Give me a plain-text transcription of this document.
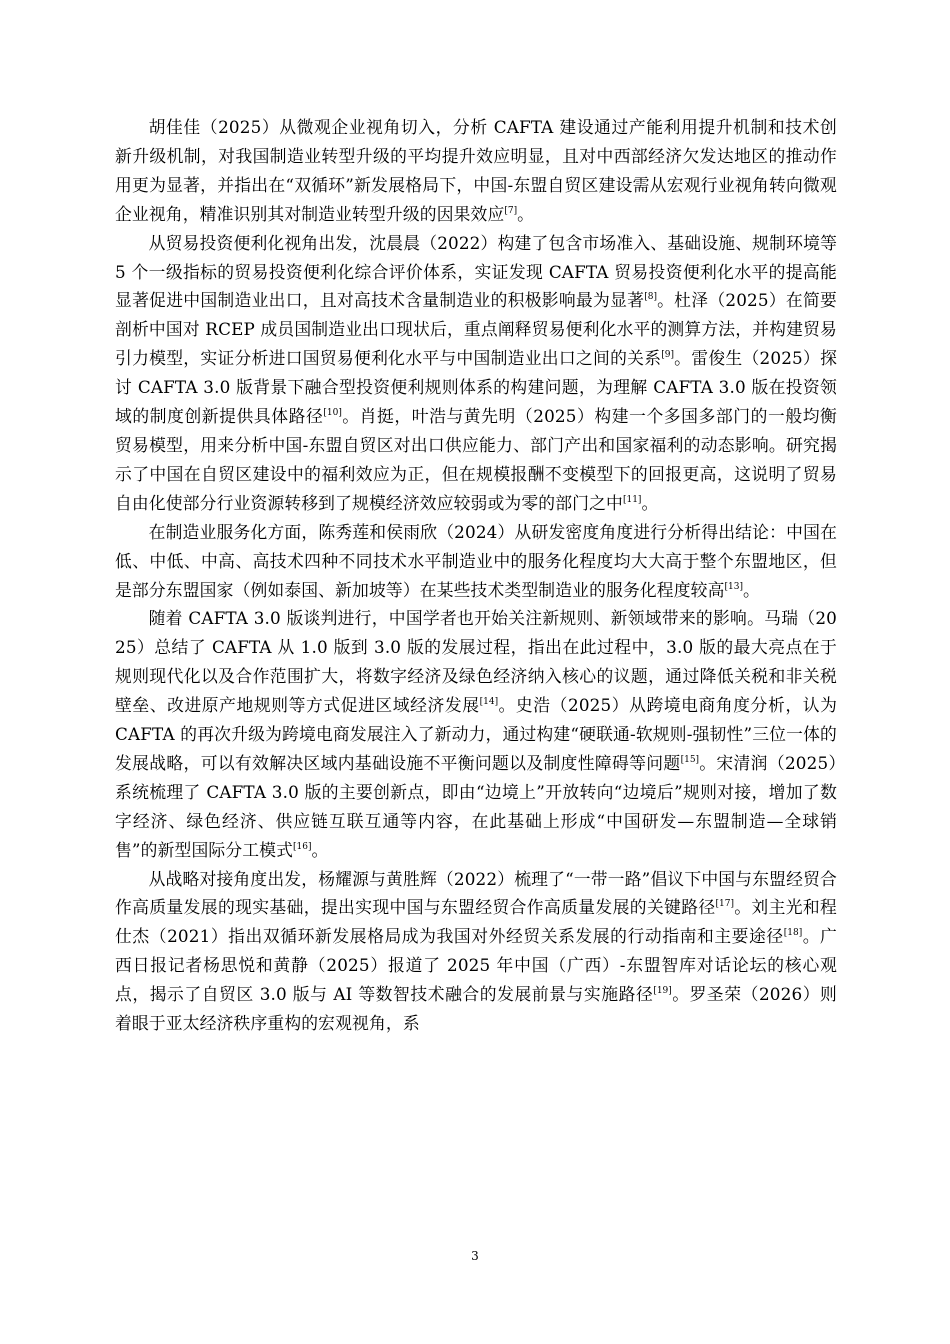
胡佳佳（2025）从微观企业视角切入，分析 CAFTA 建设通过产能利用提升机制和技术创新升级机制，对我国制造业转型升级的平均提升效应明显，且对中西部经济欠发达地区的推动作用更为显著，并指出在“双循环”新发展格局下，中国-东盟自贸区建设需从宏观行业视角转向微观企业视角，精准识别其对制造业转型升级的因果效应[7]。

从贸易投资便利化视角出发，沈晨晨（2022）构建了包含市场准入、基础设施、规制环境等 5 个一级指标的贸易投资便利化综合评价体系，实证发现 CAFTA 贸易投资便利化水平的提高能显著促进中国制造业出口，且对高技术含量制造业的积极影响最为显著[8]。杜泽（2025）在简要剖析中国对 RCEP 成员国制造业出口现状后，重点阐释贸易便利化水平的测算方法，并构建贸易引力模型，实证分析进口国贸易便利化水平与中国制造业出口之间的关系[9]。雷俊生（2025）探讨 CAFTA 3.0 版背景下融合型投资便利规则体系的构建问题，为理解 CAFTA 3.0 版在投资领域的制度创新提供具体路径[10]。肖挺，叶浩与黄先明（2025）构建一个多国多部门的一般均衡贸易模型，用来分析中国-东盟自贸区对出口供应能力、部门产出和国家福利的动态影响。研究揭示了中国在自贸区建设中的福利效应为正，但在规模报酬不变模型下的回报更高，这说明了贸易自由化使部分行业资源转移到了规模经济效应较弱或为零的部门之中[11]。

在制造业服务化方面，陈秀莲和侯雨欣（2024）从研发密度角度进行分析得出结论：中国在低、中低、中高、高技术四种不同技术水平制造业中的服务化程度均大大高于整个东盟地区，但是部分东盟国家（例如泰国、新加坡等）在某些技术类型制造业的服务化程度较高[13]。

随着 CAFTA 3.0 版谈判进行，中国学者也开始关注新规则、新领域带来的影响。马瑞（2025）总结了 CAFTA 从 1.0 版到 3.0 版的发展过程，指出在此过程中，3.0 版的最大亮点在于规则现代化以及合作范围扩大，将数字经济及绿色经济纳入核心的议题，通过降低关税和非关税壁垒、改进原产地规则等方式促进区域经济发展[14]。史浩（2025）从跨境电商角度分析，认为 CAFTA 的再次升级为跨境电商发展注入了新动力，通过构建“硬联通-软规则-强韧性”三位一体的发展战略，可以有效解决区域内基础设施不平衡问题以及制度性障碍等问题[15]。宋清润（2025）系统梳理了 CAFTA 3.0 版的主要创新点，即由“边境上”开放转向“边境后”规则对接，增加了数字经济、绿色经济、供应链互联互通等内容，在此基础上形成“中国研发—东盟制造—全球销售”的新型国际分工模式[16]。

从战略对接角度出发，杨耀源与黄胜辉（2022）梳理了“一带一路”倡议下中国与东盟经贸合作高质量发展的现实基础，提出实现中国与东盟经贸合作高质量发展的关键路径[17]。刘主光和程仕杰（2021）指出双循环新发展格局成为我国对外经贸关系发展的行动指南和主要途径[18]。广西日报记者杨思悦和黄静（2025）报道了 2025 年中国（广西）-东盟智库对话论坛的核心观点，揭示了自贸区 3.0 版与 AI 等数智技术融合的发展前景与实施路径[19]。罗圣荣（2026）则着眼于亚太经济秩序重构的宏观视角，系

3
